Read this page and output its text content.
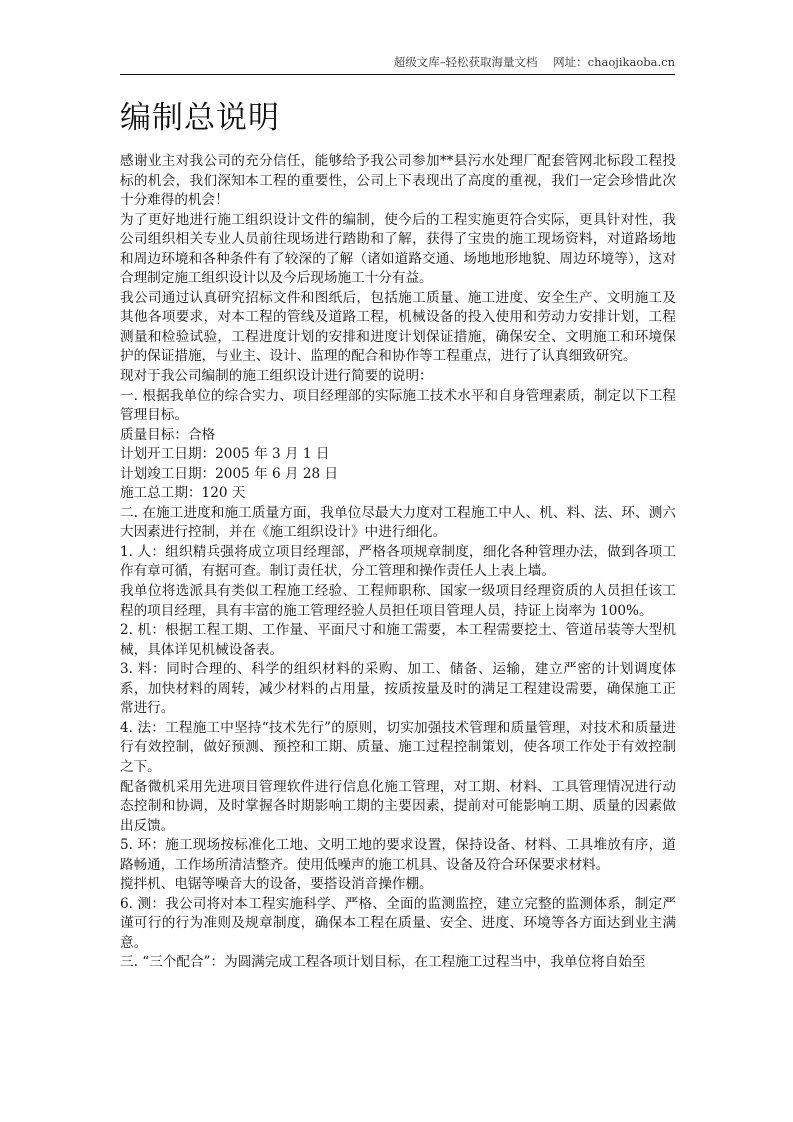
超级文库–轻松获取海量文档 网址：chaojikaoba.cn
编制总说明

感谢业主对我公司的充分信任，能够给予我公司参加**县污水处理厂配套管网北标段工程投标的机会，我们深知本工程的重要性，公司上下表现出了高度的重视，我们一定会珍惜此次十分难得的机会！

为了更好地进行施工组织设计文件的编制，使今后的工程实施更符合实际，更具针对性，我公司组织相关专业人员前往现场进行踏勘和了解，获得了宝贵的施工现场资料，对道路场地和周边环境和各种条件有了较深的了解（诸如道路交通、场地地形地貌、周边环境等），这对合理制定施工组织设计以及今后现场施工十分有益。

我公司通过认真研究招标文件和图纸后，包括施工质量、施工进度、安全生产、文明施工及其他各项要求，对本工程的管线及道路工程，机械设备的投入使用和劳动力安排计划，工程测量和检验试验，工程进度计划的安排和进度计划保证措施，确保安全、文明施工和环境保护的保证措施，与业主、设计、监理的配合和协作等工程重点，进行了认真细致研究。

现对于我公司编制的施工组织设计进行简要的说明：

一. 根据我单位的综合实力、项目经理部的实际施工技术水平和自身管理素质，制定以下工程管理目标。

质量目标：合格

计划开工日期：2005 年 3 月 1 日

计划竣工日期：2005 年 6 月 28 日

施工总工期：120 天

二. 在施工进度和施工质量方面，我单位尽最大力度对工程施工中人、机、料、法、环、测六大因素进行控制，并在《施工组织设计》中进行细化。

1. 人：组织精兵强将成立项目经理部，严格各项规章制度，细化各种管理办法，做到各项工作有章可循，有据可查。制订责任状，分工管理和操作责任人上表上墙。

我单位将选派具有类似工程施工经验、工程师职称、国家一级项目经理资质的人员担任该工程的项目经理，具有丰富的施工管理经验人员担任项目管理人员，持证上岗率为 100%。

2. 机：根据工程工期、工作量、平面尺寸和施工需要，本工程需要挖土、管道吊装等大型机械，具体详见机械设备表。

3. 料：同时合理的、科学的组织材料的采购、加工、储备、运输，建立严密的计划调度体系，加快材料的周转，减少材料的占用量，按质按量及时的满足工程建设需要，确保施工正常进行。

4. 法：工程施工中坚持“技术先行”的原则，切实加强技术管理和质量管理，对技术和质量进行有效控制，做好预测、预控和工期、质量、施工过程控制策划，使各项工作处于有效控制之下。

配备微机采用先进项目管理软件进行信息化施工管理，对工期、材料、工具管理情况进行动态控制和协调，及时掌握各时期影响工期的主要因素，提前对可能影响工期、质量的因素做出反馈。

5. 环：施工现场按标准化工地、文明工地的要求设置，保持设备、材料、工具堆放有序，道路畅通，工作场所清洁整齐。使用低噪声的施工机具、设备及符合环保要求材料。

搅拌机、电锯等噪音大的设备，要搭设消音操作棚。

6. 测：我公司将对本工程实施科学、严格、全面的监测监控，建立完整的监测体系，制定严谨可行的行为准则及规章制度，确保本工程在质量、安全、进度、环境等各方面达到业主满意。

三. “三个配合”：为圆满完成工程各项计划目标，在工程施工过程当中，我单位将自始至
